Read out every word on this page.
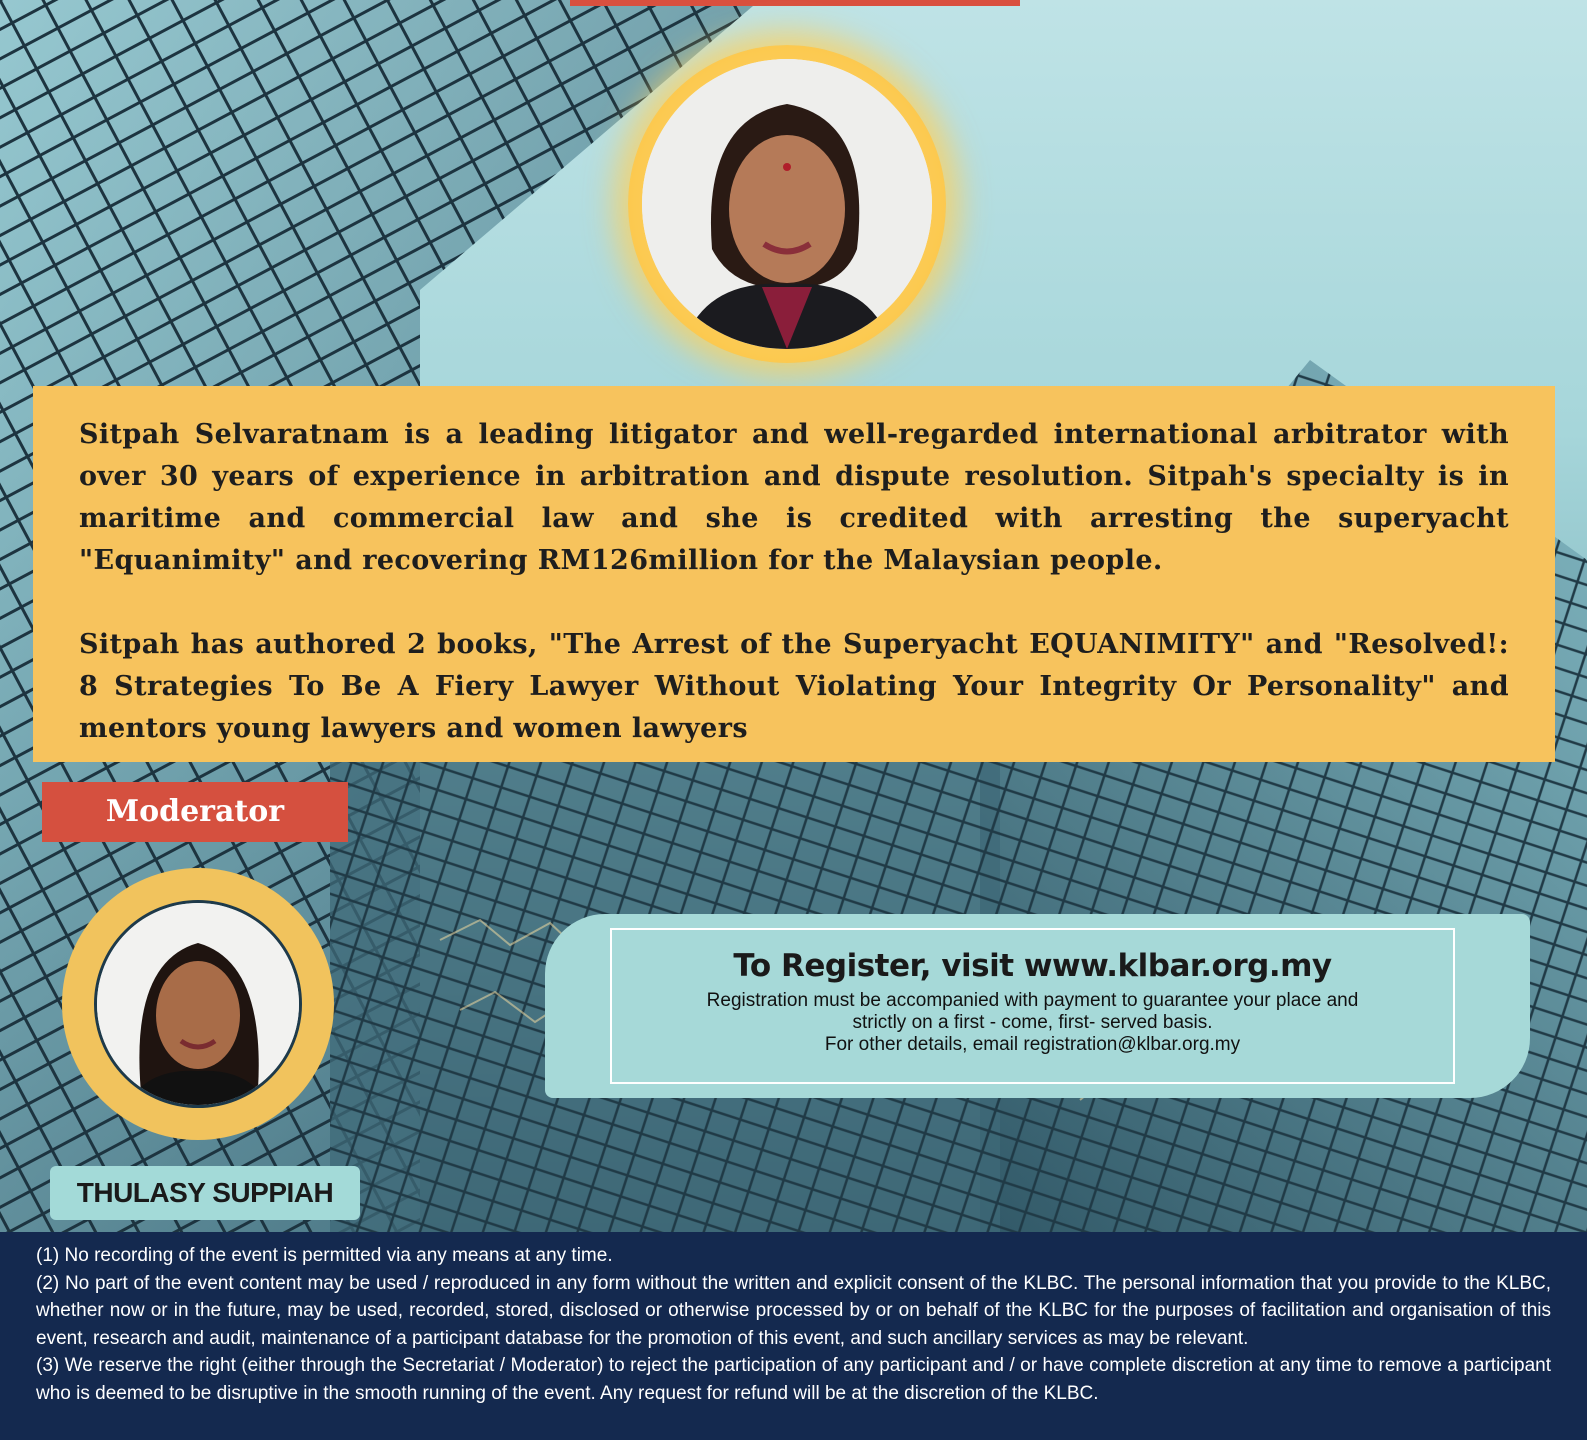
Sitpah Selvaratnam is a leading litigator and well-regarded international arbitrator with over 30 years of experience in arbitration and dispute resolution. Sitpah's specialty is in maritime and commercial law and she is credited with arresting the superyacht "Equanimity" and recovering RM126million for the Malaysian people.

Sitpah has authored 2 books, "The Arrest of the Superyacht EQUANIMITY" and "Resolved!: 8 Strategies To Be A Fiery Lawyer Without Violating Your Integrity Or Personality" and mentors young lawyers and women lawyers

Moderator
THULASY SUPPIAH

To Register, visit www.klbar.org.my

Registration must be accompanied with payment to guarantee your place and

strictly on a first - come, first- served basis.

For other details, email registration@klbar.org.my

(1) No recording of the event is permitted via any means at any time.

(2) No part of the event content may be used / reproduced in any form without the written and explicit consent of the KLBC. The personal information that you provide to the KLBC, whether now or in the future, may be used, recorded, stored, disclosed or otherwise processed by or on behalf of the KLBC for the purposes of facilitation and organisation of this event, research and audit, maintenance of a participant database for the promotion of this event, and such ancillary services as may be relevant.

(3) We reserve the right (either through the Secretariat / Moderator) to reject the participation of any participant and / or have complete discretion at any time to remove a participant who is deemed to be disruptive in the smooth running of the event. Any request for refund will be at the discretion of the KLBC.
